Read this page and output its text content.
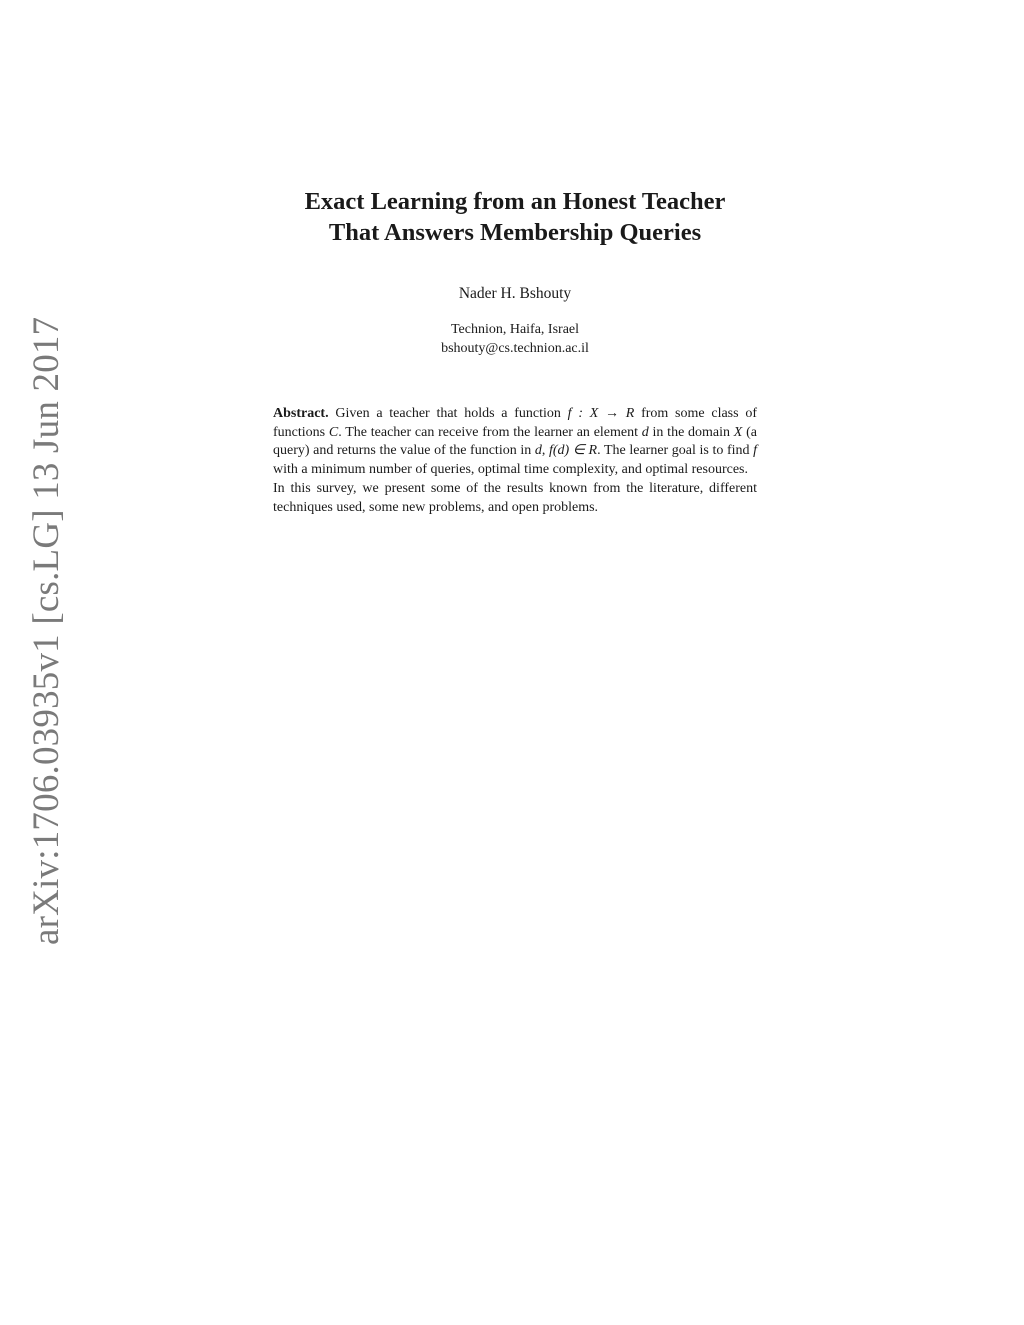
arXiv:1706.03935v1 [cs.LG] 13 Jun 2017

Exact Learning from an Honest Teacher

That Answers Membership Queries

Nader H. Bshouty
Technion, Haifa, Israel
bshouty@cs.technion.ac.il

Abstract. Given a teacher that holds a function f : X → R from some class of functions C. The teacher can receive from the learner an element d in the domain X (a query) and returns the value of the function in d, f(d) ∈ R. The learner goal is to find f with a minimum number of queries, optimal time complexity, and optimal resources.

In this survey, we present some of the results known from the literature, different techniques used, some new problems, and open problems.
